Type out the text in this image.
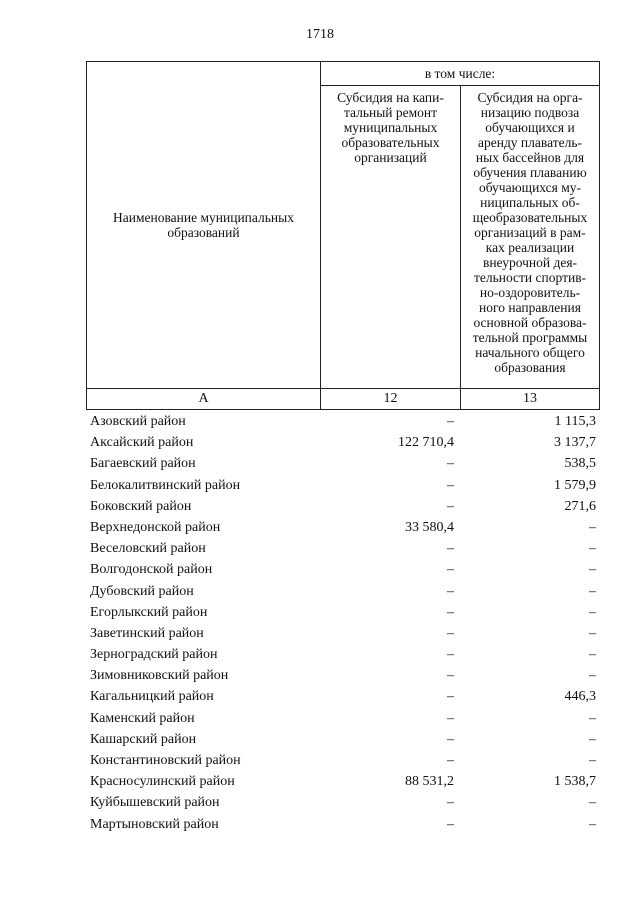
1718
Наименование муниципальных образований
в том числе:
Субсидия на капи-
тальный ремонт
муниципальных
образовательных
организаций
Субсидия на орга-
низацию подвоза
обучающихся и
аренду плаватель-
ных бассейнов для
обучения плаванию
обучающихся му-
ниципальных об-
щеобразовательных
организаций в рам-
ках реализации
внеурочной дея-
тельности спортив-
но-оздоровитель-
ного направления
основной образова-
тельной программы
начального общего
образования
А	12	13
Азовский район	–	1 115,3
Аксайский район	122 710,4	3 137,7
Багаевский район	–	538,5
Белокалитвинский район	–	1 579,9
Боковский район	–	271,6
Верхнедонской район	33 580,4	–
Веселовский район	–	–
Волгодонской район	–	–
Дубовский район	–	–
Егорлыкский район	–	–
Заветинский район	–	–
Зерноградский район	–	–
Зимовниковский район	–	–
Кагальницкий район	–	446,3
Каменский район	–	–
Кашарский район	–	–
Константиновский район	–	–
Красносулинский район	88 531,2	1 538,7
Куйбышевский район	–	–
Мартыновский район	–	–
